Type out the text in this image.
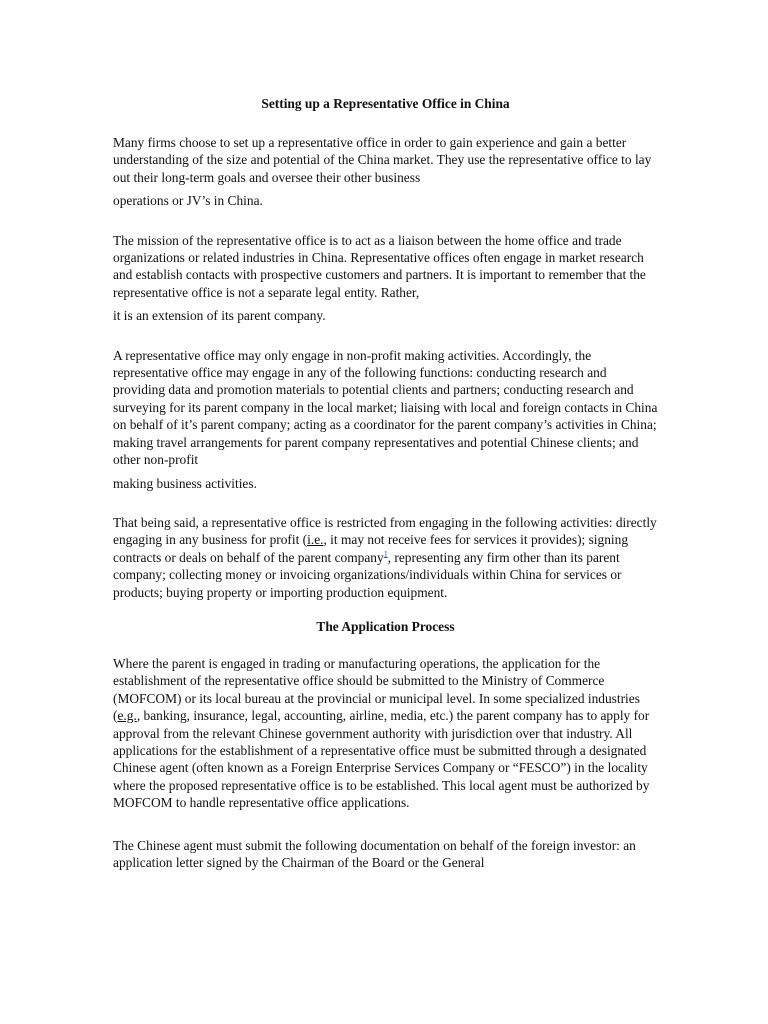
Setting up a Representative Office in China

Many firms choose to set up a representative office in order to gain experience and gain a better understanding of the size and potential of the China market. They use the representative office to lay out their long-term goals and oversee their other business
operations or JV’s in China.

The mission of the representative office is to act as a liaison between the home office and trade organizations or related industries in China. Representative offices often engage in market research and establish contacts with prospective customers and partners. It is important to remember that the representative office is not a separate legal entity. Rather,
it is an extension of its parent company.

A representative office may only engage in non-profit making activities. Accordingly, the representative office may engage in any of the following functions: conducting research and providing data and promotion materials to potential clients and partners; conducting research and surveying for its parent company in the local market; liaising with local and foreign contacts in China on behalf of it’s parent company; acting as a coordinator for the parent company’s activities in China; making travel arrangements for parent company representatives and potential Chinese clients; and other non-profit
making business activities.

That being said, a representative office is restricted from engaging in the following activities: directly engaging in any business for profit (i.e., it may not receive fees for services it provides); signing contracts or deals on behalf of the parent company$^1$, representing any firm other than its parent company; collecting money or invoicing organizations/individuals within China for services or products; buying property or importing production equipment.

The Application Process

Where the parent is engaged in trading or manufacturing operations, the application for the establishment of the representative office should be submitted to the Ministry of Commerce (MOFCOM) or its local bureau at the provincial or municipal level. In some specialized industries (e.g., banking, insurance, legal, accounting, airline, media, etc.) the parent company has to apply for approval from the relevant Chinese government authority with jurisdiction over that industry. All applications for the establishment of a representative office must be submitted through a designated Chinese agent (often known as a Foreign Enterprise Services Company or “FESCO”) in the locality where the proposed representative office is to be established. This local agent must be authorized by MOFCOM to handle representative office applications.

The Chinese agent must submit the following documentation on behalf of the foreign investor: an application letter signed by the Chairman of the Board or the General
